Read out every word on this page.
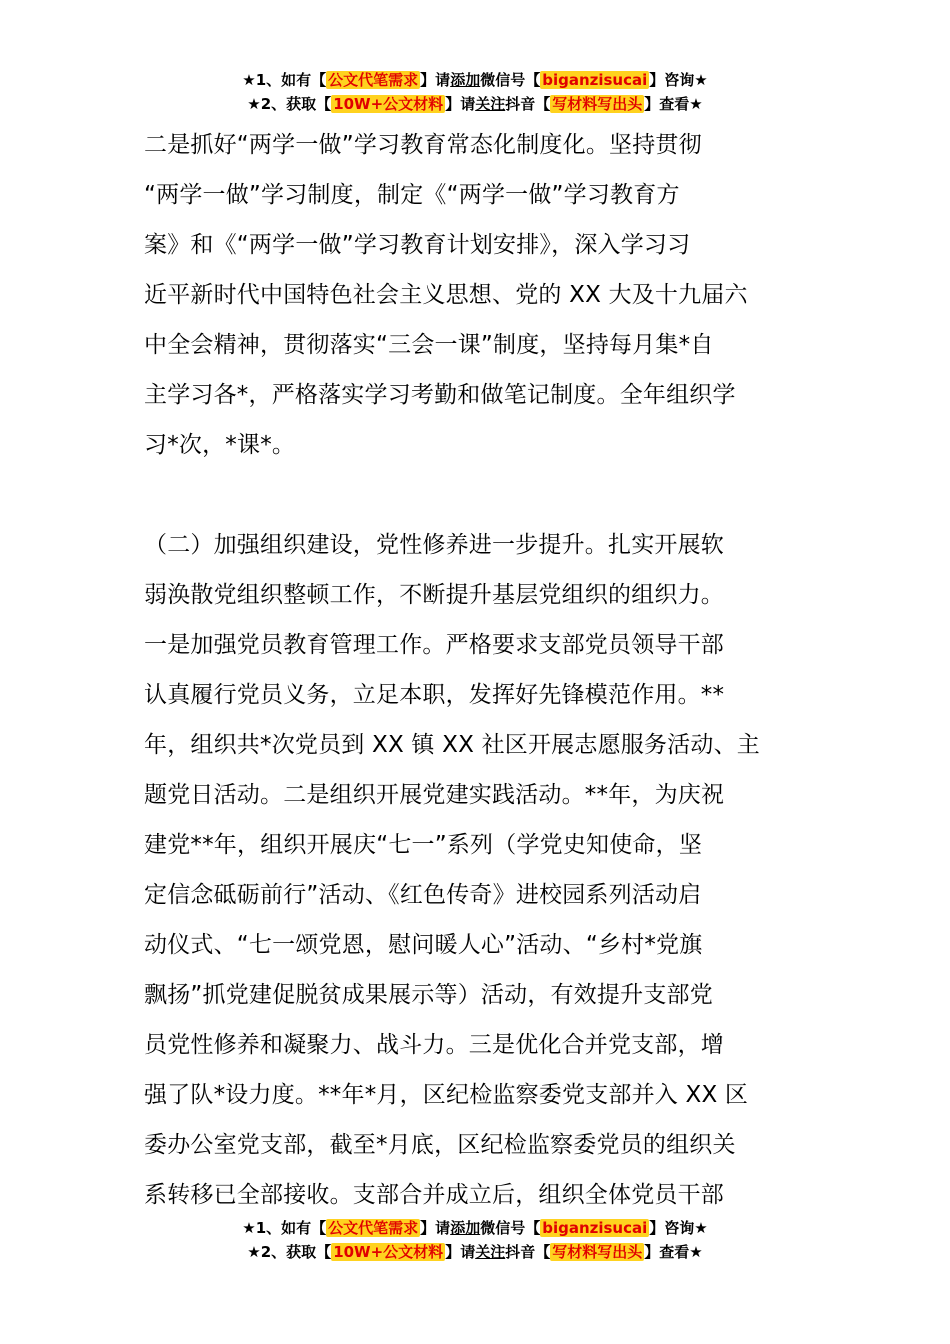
★1、如有【 公文代笔需求 】请添加微信号【 biganzisucai 】咨询★
★2、获取【 10W+公文材料 】请关注抖音【 写材料写出头 】查看★
二是抓好“两学一做”学习教育常态化制度化。坚持贯彻
“两学一做”学习制度，制定《“两学一做”学习教育方
案》和《“两学一做”学习教育计划安排》，深入学习习
近平新时代中国特色社会主义思想、党的 XX 大及十九届六
中全会精神，贯彻落实“三会一课”制度，坚持每月集*自
主学习各*，严格落实学习考勤和做笔记制度。全年组织学
习*次，*课*。
（二）加强组织建设，党性修养进一步提升。扎实开展软
弱涣散党组织整顿工作，不断提升基层党组织的组织力。
一是加强党员教育管理工作。严格要求支部党员领导干部
认真履行党员义务，立足本职，发挥好先锋模范作用。**
年，组织共*次党员到 XX 镇 XX 社区开展志愿服务活动、主
题党日活动。二是组织开展党建实践活动。**年，为庆祝
建党**年，组织开展庆“七一”系列（学党史知使命，坚
定信念砥砺前行”活动、《红色传奇》进校园系列活动启
动仪式、“七一颂党恩，慰问暖人心”活动、“乡村*党旗
飘扬”抓党建促脱贫成果展示等）活动，有效提升支部党
员党性修养和凝聚力、战斗力。三是优化合并党支部，增
强了队*设力度。**年*月，区纪检监察委党支部并入 XX 区
委办公室党支部，截至*月底，区纪检监察委党员的组织关
系转移已全部接收。支部合并成立后，组织全体党员干部
★1、如有【 公文代笔需求 】请添加微信号【 biganzisucai 】咨询★
★2、获取【 10W+公文材料 】请关注抖音【 写材料写出头 】查看★
